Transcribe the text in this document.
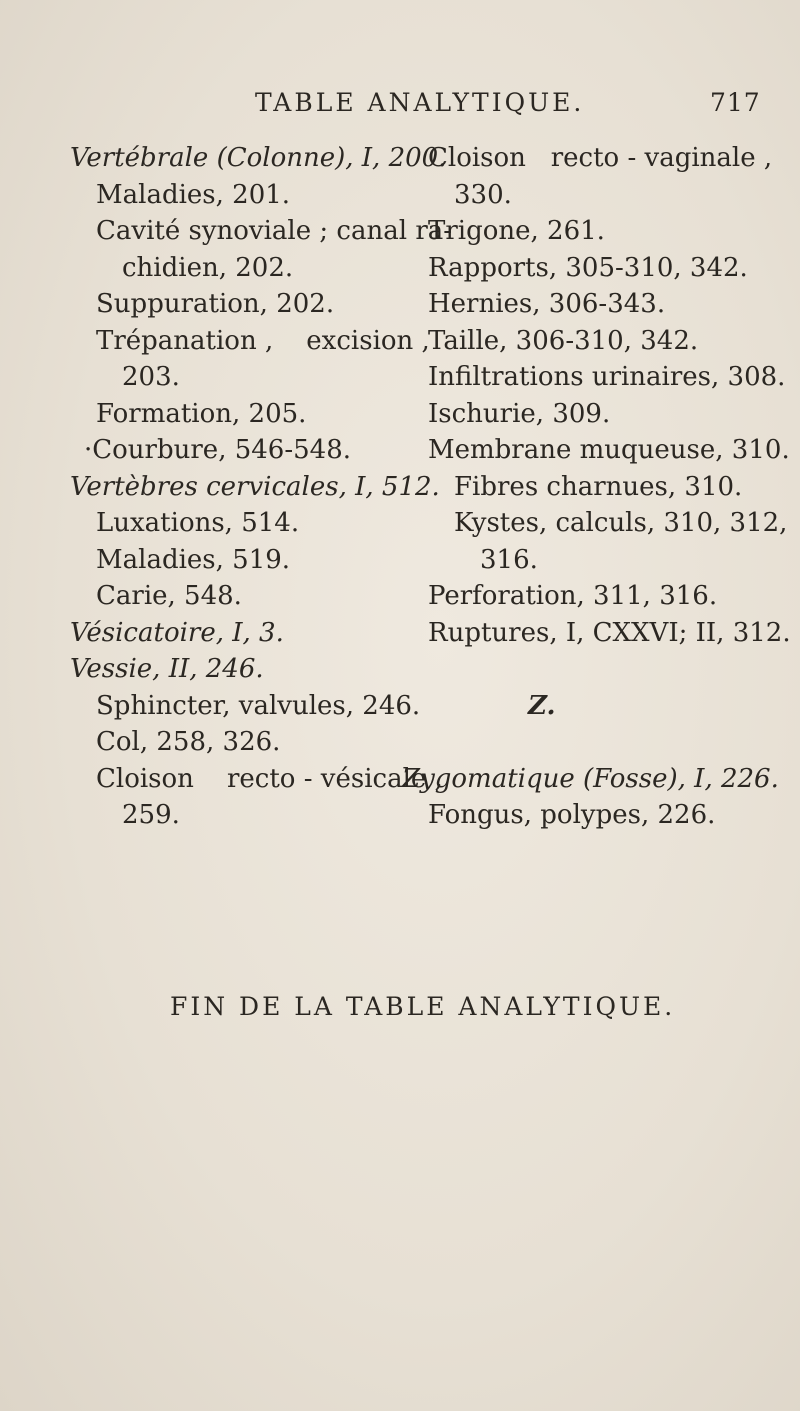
TABLE ANALYTIQUE.	717
Vertébrale (Colonne), I, 200.
Maladies, 201.
Cavité synoviale ; canal ra-
chidien, 202.
Suppuration, 202.
Trépanation ,    excision ,
203.
Formation, 205.
·Courbure, 546-548.
Vertèbres cervicales, I, 512.
Luxations, 514.
Maladies, 519.
Carie, 548.
Vésicatoire, I, 3.
Vessie, II, 246.
Sphincter, valvules, 246.
Col, 258, 326.
Cloison    recto - vésicale ,
259.
Cloison   recto - vaginale ,
330.
Trigone, 261.
Rapports, 305-310, 342.
Hernies, 306-343.
Taille, 306-310, 342.
Infiltrations urinaires, 308.
Ischurie, 309.
Membrane muqueuse, 310.
Fibres charnues, 310.
Kystes, calculs, 310, 312,
316.
Perforation, 311, 316.
Ruptures, I, CXXVI; II, 312.
Z.
Zygomatique (Fosse), I, 226.
Fongus, polypes, 226.
FIN DE LA TABLE ANALYTIQUE.
